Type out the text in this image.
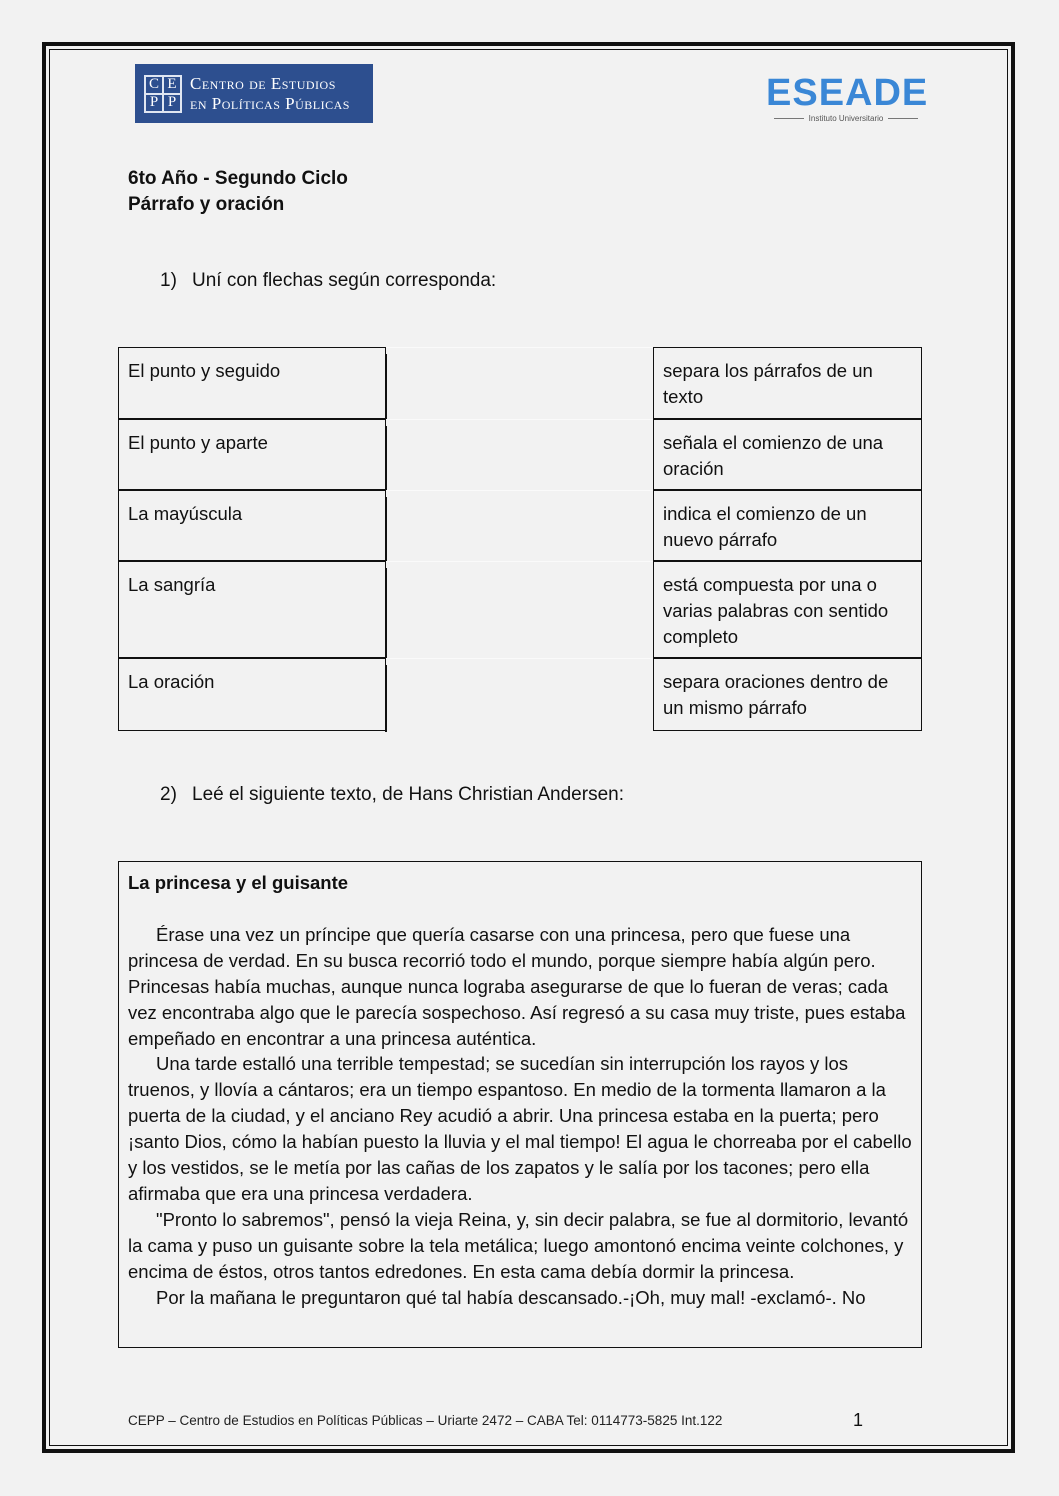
C E
P P
Centro de Estudios
en Políticas Públicas	ESEADE
Instituto Universitario
6to Año - Segundo Ciclo
Párrafo y oración
1) Uní con flechas según corresponda:
El punto y seguido	separa los párrafos de un texto
El punto y aparte	señala el comienzo de una oración
La mayúscula	indica el comienzo de un nuevo párrafo
La sangría	está compuesta por una o varias palabras con sentido completo
La oración	separa oraciones dentro de un mismo párrafo
2) Leé el siguiente texto, de Hans Christian Andersen:
La princesa y el guisante

Érase una vez un príncipe que quería casarse con una princesa, pero que fuese una princesa de verdad. En su busca recorrió todo el mundo, porque siempre había algún pero. Princesas había muchas, aunque nunca lograba asegurarse de que lo fueran de veras; cada vez encontraba algo que le parecía sospechoso. Así regresó a su casa muy triste, pues estaba empeñado en encontrar a una princesa auténtica.

Una tarde estalló una terrible tempestad; se sucedían sin interrupción los rayos y los truenos, y llovía a cántaros; era un tiempo espantoso. En medio de la tormenta llamaron a la puerta de la ciudad, y el anciano Rey acudió a abrir. Una princesa estaba en la puerta; pero ¡santo Dios, cómo la habían puesto la lluvia y el mal tiempo! El agua le chorreaba por el cabello y los vestidos, se le metía por las cañas de los zapatos y le salía por los tacones; pero ella afirmaba que era una princesa verdadera.

"Pronto lo sabremos", pensó la vieja Reina, y, sin decir palabra, se fue al dormitorio, levantó la cama y puso un guisante sobre la tela metálica; luego amontonó encima veinte colchones, y encima de éstos, otros tantos edredones. En esta cama debía dormir la princesa.

Por la mañana le preguntaron qué tal había descansado.-¡Oh, muy mal! -exclamó-. No

CEPP – Centro de Estudios en Políticas Públicas – Uriarte 2472 – CABA Tel: 0114773-5825 Int.122	1
